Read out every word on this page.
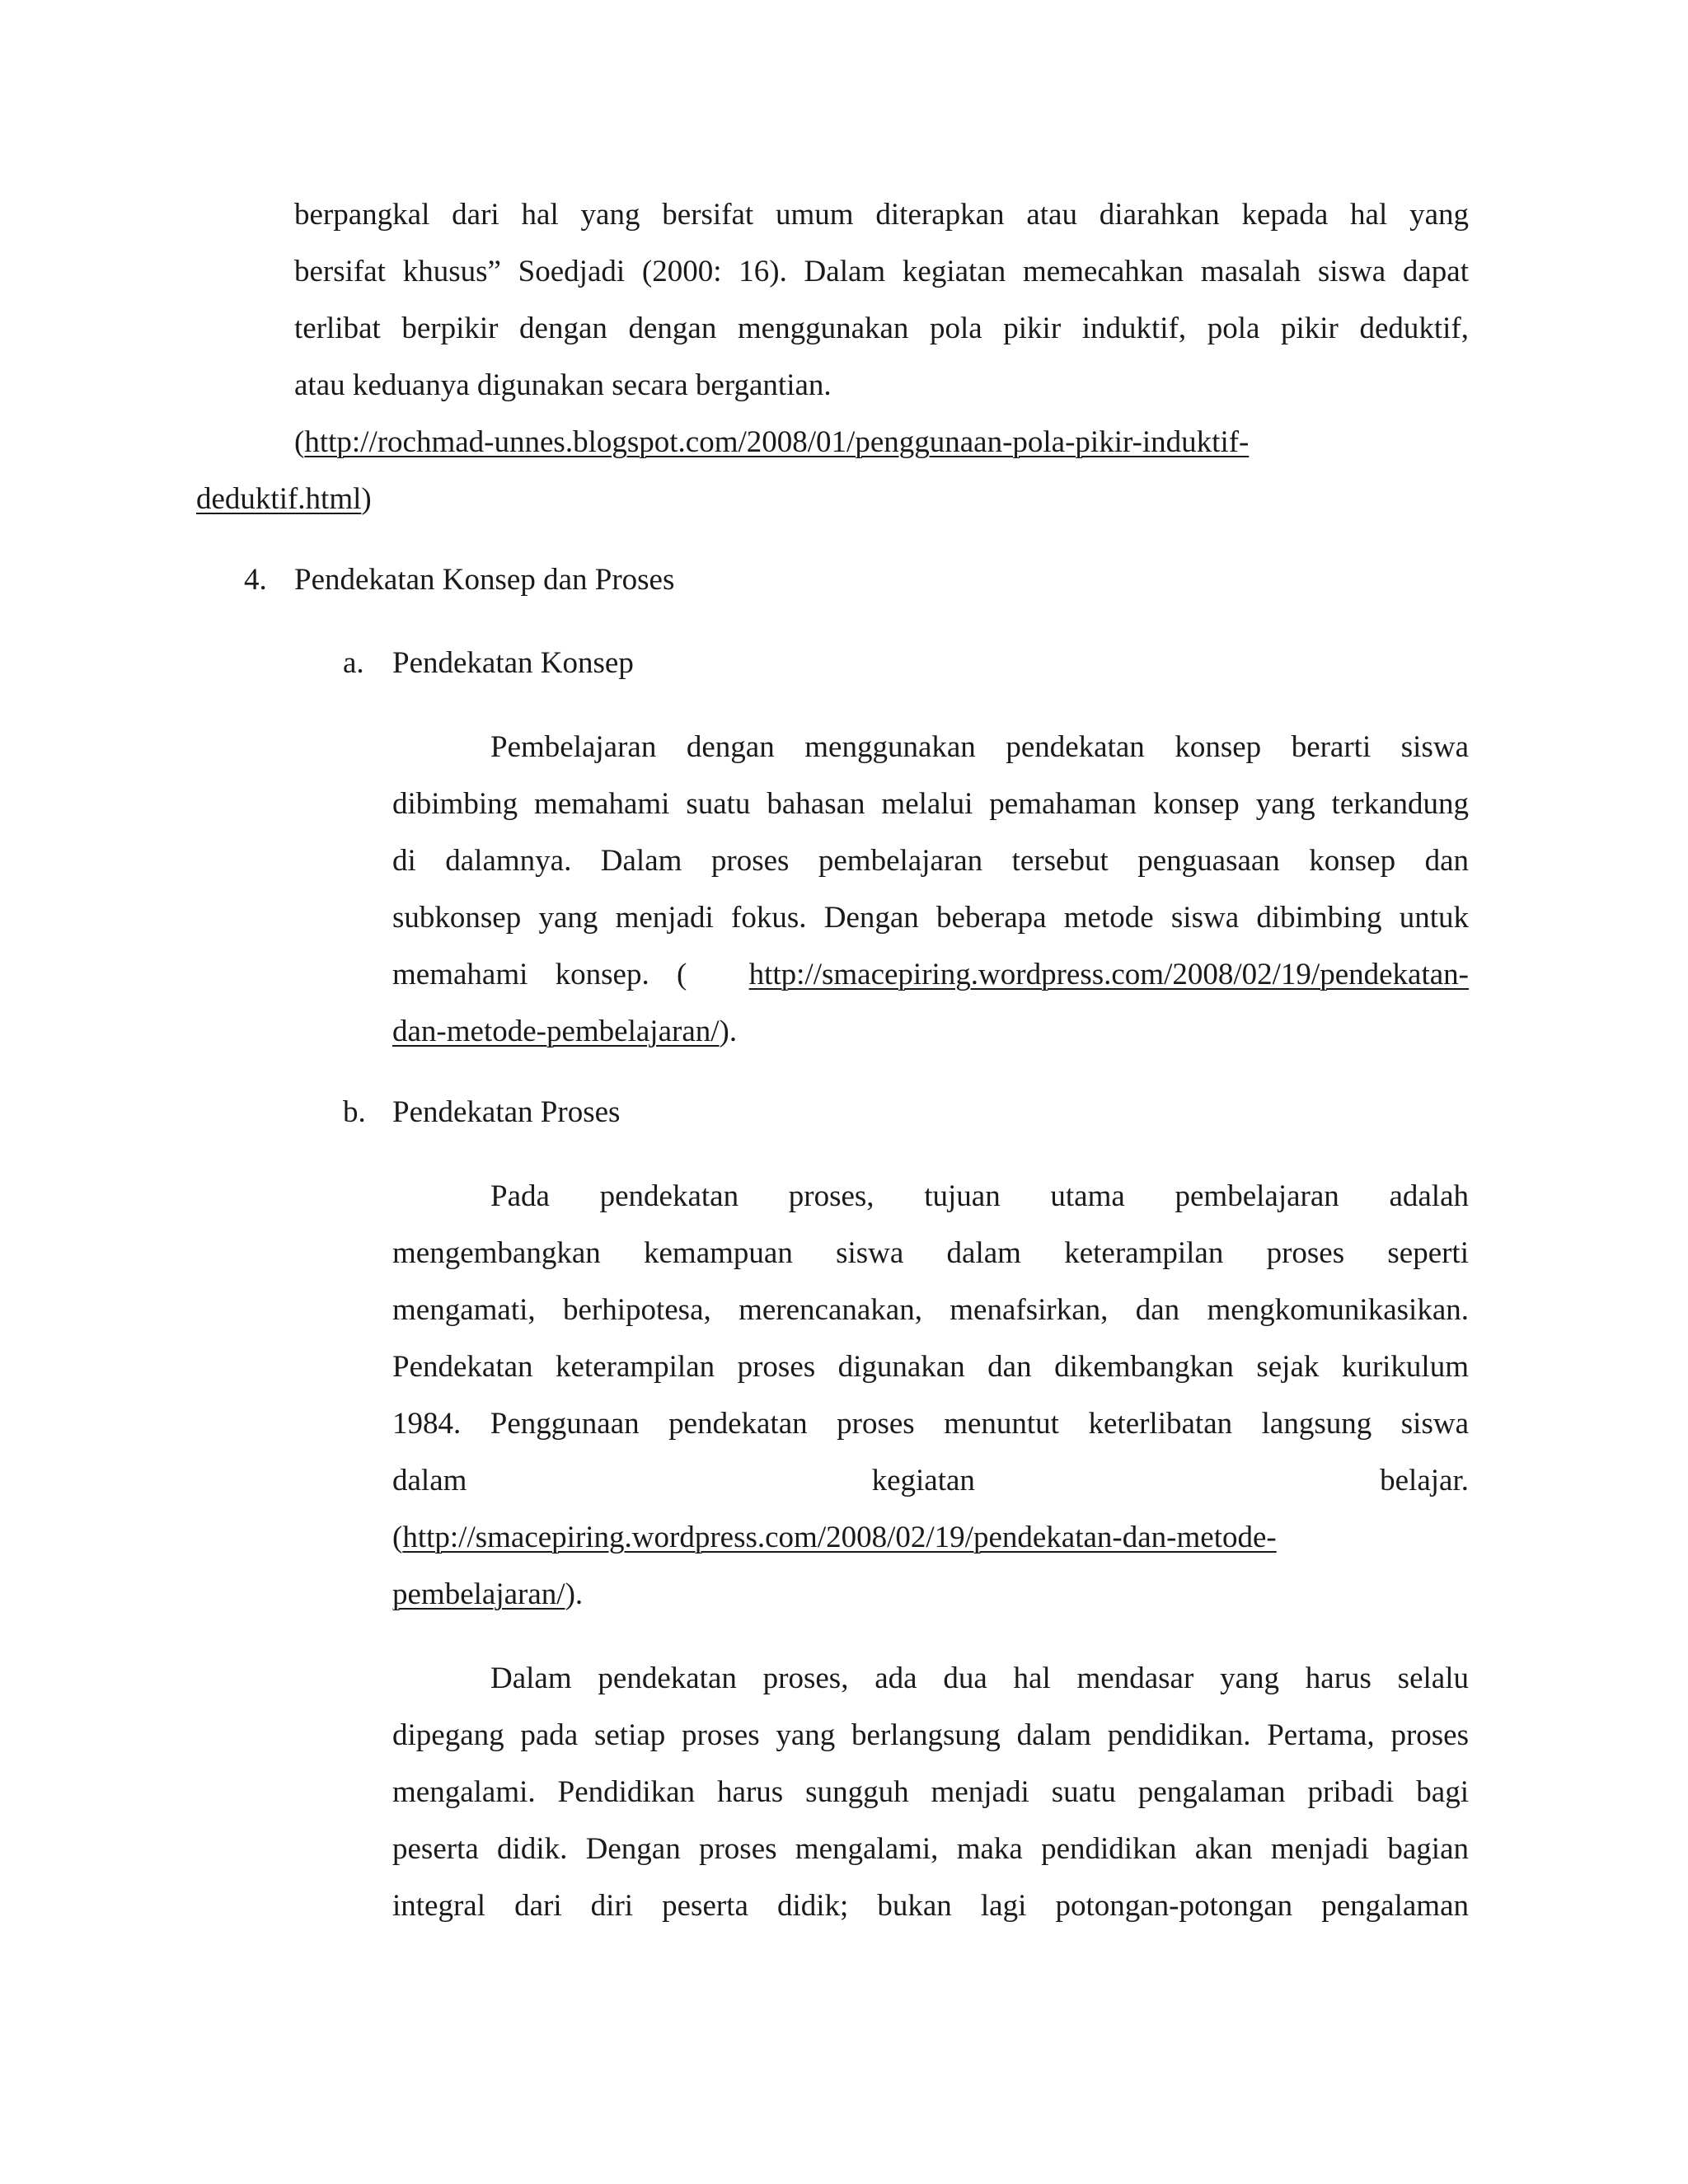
berpangkal dari hal yang bersifat umum diterapkan atau diarahkan kepada hal yang
bersifat khusus” Soedjadi (2000: 16). Dalam kegiatan memecahkan masalah siswa dapat
terlibat berpikir dengan dengan menggunakan pola pikir induktif, pola pikir deduktif,
atau keduanya digunakan secara bergantian.
(http://rochmad-unnes.blogspot.com/2008/01/penggunaan-pola-pikir-induktif-
deduktif.html)
4. Pendekatan Konsep dan Proses
a. Pendekatan Konsep
Pembelajaran dengan menggunakan pendekatan konsep berarti siswa
dibimbing memahami suatu bahasan melalui pemahaman konsep yang terkandung
di dalamnya. Dalam proses pembelajaran tersebut penguasaan konsep dan
subkonsep yang menjadi fokus. Dengan beberapa metode siswa dibimbing untuk
memahami konsep. ( http://smacepiring.wordpress.com/2008/02/19/pendekatan-
dan-metode-pembelajaran/).
b. Pendekatan Proses
Pada pendekatan proses, tujuan utama pembelajaran adalah
mengembangkan kemampuan siswa dalam keterampilan proses seperti
mengamati, berhipotesa, merencanakan, menafsirkan, dan mengkomunikasikan.
Pendekatan keterampilan proses digunakan dan dikembangkan sejak kurikulum
1984. Penggunaan pendekatan proses menuntut keterlibatan langsung siswa
dalam kegiatan belajar.
(http://smacepiring.wordpress.com/2008/02/19/pendekatan-dan-metode-
pembelajaran/).
Dalam pendekatan proses, ada dua hal mendasar yang harus selalu
dipegang pada setiap proses yang berlangsung dalam pendidikan. Pertama, proses
mengalami. Pendidikan harus sungguh menjadi suatu pengalaman pribadi bagi
peserta didik. Dengan proses mengalami, maka pendidikan akan menjadi bagian
integral dari diri peserta didik; bukan lagi potongan-potongan pengalaman
